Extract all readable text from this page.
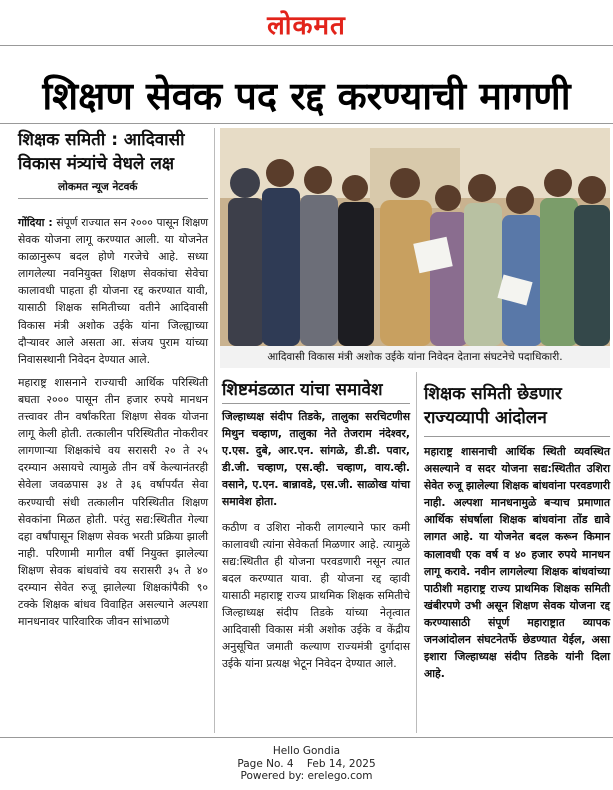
लोकमत
शिक्षण सेवक पद रद्द करण्याची मागणी
शिक्षक समिती : आदिवासी विकास मंत्र्यांचे वेधले लक्ष
लोकमत न्यूज नेटवर्क
गोंदिया : संपूर्ण राज्यात सन २००० पासून शिक्षण सेवक योजना लागू करण्यात आली. या योजनेत काळानुरूप बदल होणे गरजेचे आहे. सध्या लागलेल्या नवनियुक्त शिक्षण सेवकांचा सेवेचा कालावधी पाहता ही योजना रद्द करण्यात यावी, यासाठी शिक्षक समितीच्या वतीने आदिवासी विकास मंत्री अशोक उईके यांना जिल्ह्याच्या दौऱ्यावर आले असता आ. संजय पुराम यांच्या निवासस्थानी निवेदन देण्यात आले.
महाराष्ट्र शासनाने राज्याची आर्थिक परिस्थिती बघता २००० पासून तीन हजार रुपये मानधन तत्त्वावर तीन वर्षांकरिता शिक्षण सेवक योजना लागू केली होती. तत्कालीन परिस्थितीत नोकरीवर लागणाऱ्या शिक्षकांचे वय सरासरी २० ते २५ दरम्यान असायचे त्यामुळे तीन वर्षे केल्यानंतरही सेवेला जवळपास ३४ ते ३६ वर्षापर्यंत सेवा करण्याची संधी तत्कालीन परिस्थितीत शिक्षण सेवकांना मिळत होती. परंतु सद्य:स्थितीत गेल्या दहा वर्षांपासून शिक्षण सेवक भरती प्रक्रिया झाली नाही. परिणामी मागील वर्षी नियुक्त झालेल्या शिक्षण सेवक बांधवांचे वय सरासरी ३५ ते ४० दरम्यान सेवेत रुजू झालेल्या शिक्षकांपैकी ९० टक्के शिक्षक बांधव विवाहित असल्याने अल्पशा मानधनावर पारिवारिक जीवन सांभाळणे
आदिवासी विकास मंत्री अशोक उईके यांना निवेदन देताना संघटनेचे पदाधिकारी.
शिष्टमंडळात यांचा समावेश

जिल्हाध्यक्ष संदीप तिडके, तालुका सरचिटणीस मिथुन चव्हाण, तालुका नेते तेजराम नंदेश्वर, ए.एस. दुबे, आर.एन. सांगळे, डी.डी. पवार, डी.जी. चव्हाण, एस.व्ही. चव्हाण, वाय.व्ही. वसाने, ए.एन. बान्नावडे, एस.जी. साळोख यांचा समावेश होता.

कठीण व उशिरा नोकरी लागल्याने फार कमी कालावधी त्यांना सेवेकर्ता मिळणार आहे. त्यामुळे सद्य:स्थितीत ही योजना परवडणारी नसून त्यात बदल करण्यात यावा. ही योजना रद्द व्हावी यासाठी महाराष्ट्र राज्य प्राथमिक शिक्षक समितीचे जिल्हाध्यक्ष संदीप तिडके यांच्या नेतृत्वात आदिवासी विकास मंत्री अशोक उईके व केंद्रीय अनुसूचित जमाती कल्याण राज्यमंत्री दुर्गादास उईके यांना प्रत्यक्ष भेटून निवेदन देण्यात आले.

शिक्षक समिती छेडणार राज्यव्यापी आंदोलन
महाराष्ट्र शासनाची आर्थिक स्थिती व्यवस्थित असल्याने व सदर योजना सद्य:स्थितीत उशिरा सेवेत रुजू झालेल्या शिक्षक बांधवांना परवडणारी नाही. अल्पशा मानधनामुळे बऱ्याच प्रमाणात आर्थिक संघर्षाला शिक्षक बांधवांना तोंड द्यावे लागत आहे. या योजनेत बदल करून किमान कालावधी एक वर्ष व ४० हजार रुपये मानधन लागू करावे. नवीन लागलेल्या शिक्षक बांधवांच्या पाठीशी महाराष्ट्र राज्य प्राथमिक शिक्षक समिती खंबीरपणे उभी असून शिक्षण सेवक योजना रद्द करण्यासाठी संपूर्ण महाराष्ट्रात व्यापक जनआंदोलन संघटनेतर्फे छेडण्यात येईल, असा इशारा जिल्हाध्यक्ष संदीप तिडके यांनी दिला आहे.
Hello Gondia
Page No. 4    Feb 14, 2025
Powered by: erelego.com
